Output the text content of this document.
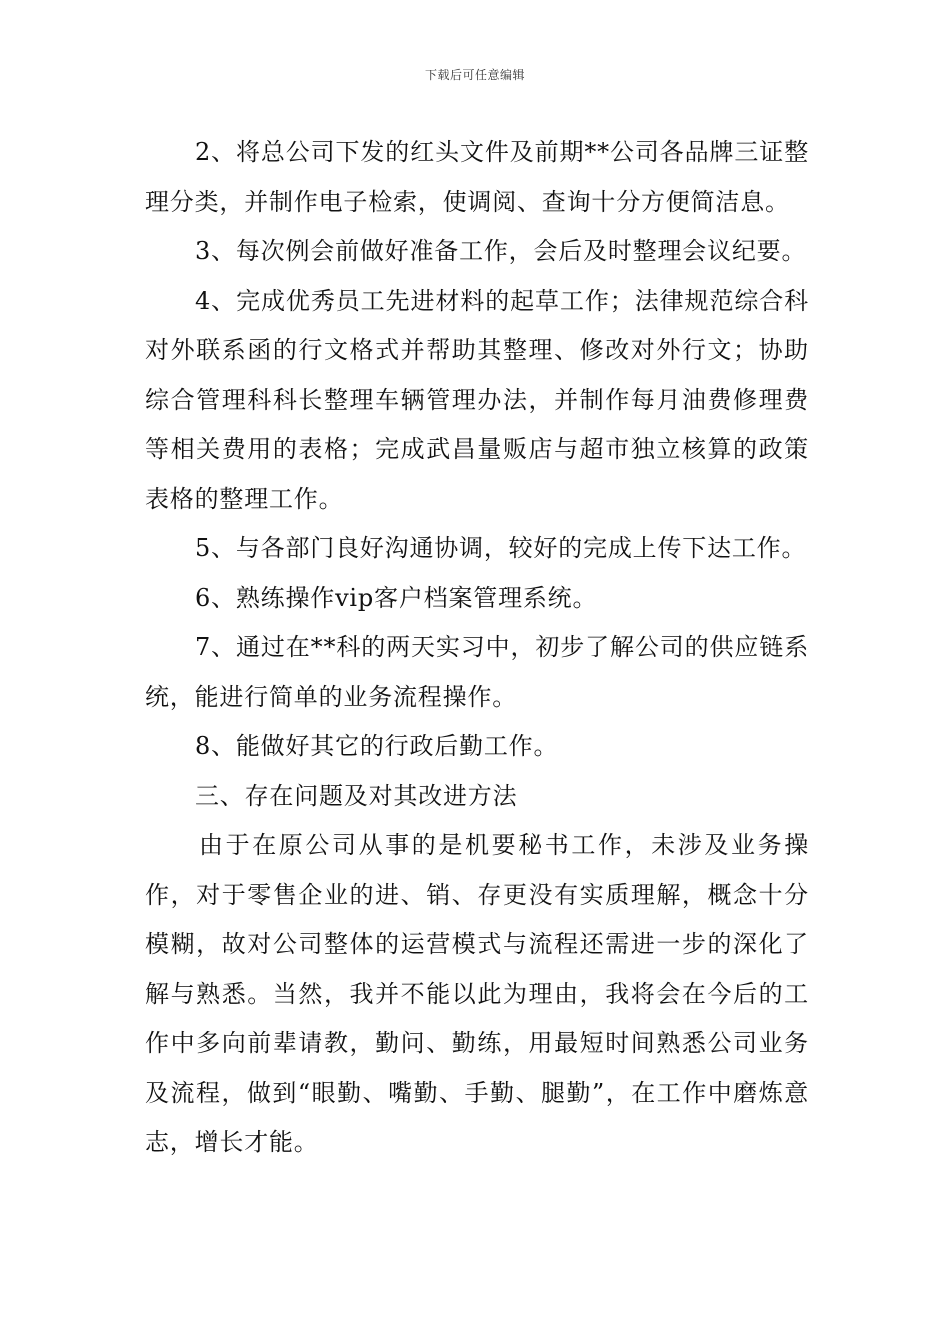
下载后可任意编辑

2、将总公司下发的红头文件及前期**公司各品牌三证整理分类，并制作电子检索，使调阅、查询十分方便简洁息。

3、每次例会前做好准备工作，会后及时整理会议纪要。

4、完成优秀员工先进材料的起草工作；法律规范综合科对外联系函的行文格式并帮助其整理、修改对外行文；协助综合管理科科长整理车辆管理办法，并制作每月油费修理费等相关费用的表格；完成武昌量贩店与超市独立核算的政策表格的整理工作。

5、与各部门良好沟通协调，较好的完成上传下达工作。

6、熟练操作vip客户档案管理系统。

7、通过在**科的两天实习中，初步了解公司的供应链系统，能进行简单的业务流程操作。

8、能做好其它的行政后勤工作。

三、存在问题及对其改进方法

由于在原公司从事的是机要秘书工作，未涉及业务操作，对于零售企业的进、销、存更没有实质理解，概念十分模糊，故对公司整体的运营模式与流程还需进一步的深化了解与熟悉。当然，我并不能以此为理由，我将会在今后的工作中多向前辈请教，勤问、勤练，用最短时间熟悉公司业务及流程，做到“眼勤、嘴勤、手勤、腿勤”，在工作中磨炼意志，增长才能。
